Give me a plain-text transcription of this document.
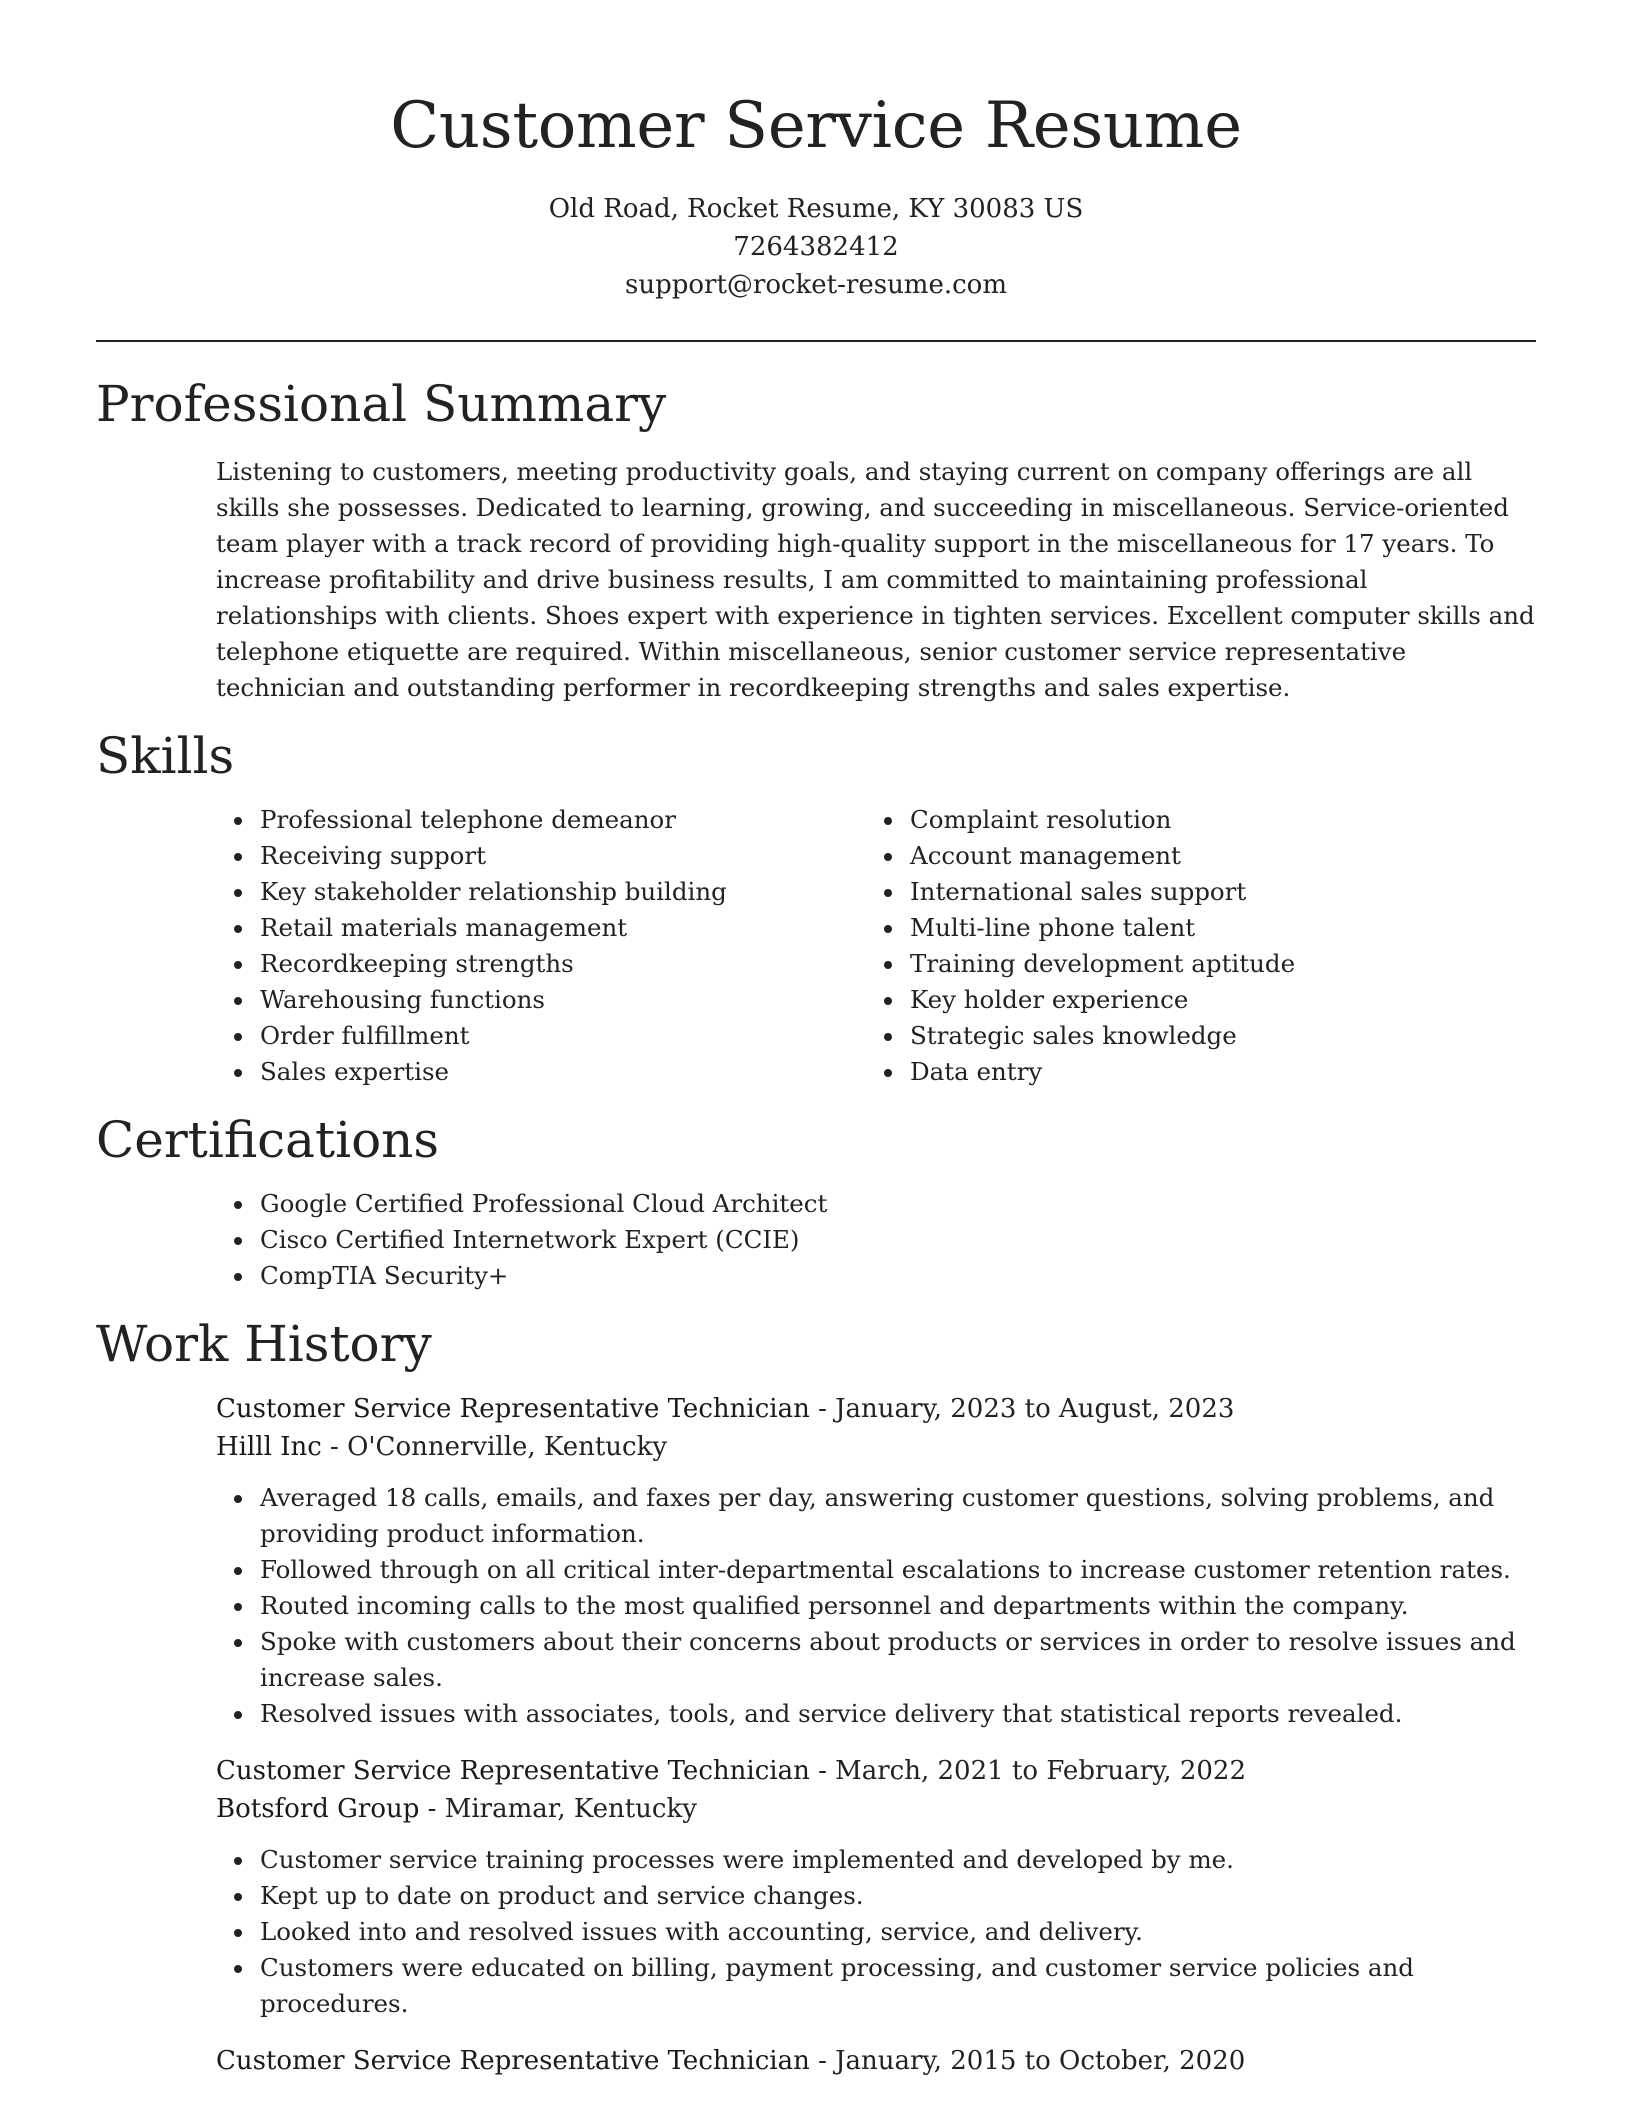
Customer Service Resume
Old Road, Rocket Resume, KY 30083 US
7264382412
support@rocket-resume.com
Professional Summary
Listening to customers, meeting productivity goals, and staying current on company offerings are all skills she possesses. Dedicated to learning, growing, and succeeding in miscellaneous. Service-oriented team player with a track record of providing high-quality support in the miscellaneous for 17 years. To increase profitability and drive business results, I am committed to maintaining professional relationships with clients. Shoes expert with experience in tighten services. Excellent computer skills and telephone etiquette are required. Within miscellaneous, senior customer service representative technician and outstanding performer in recordkeeping strengths and sales expertise.
Skills
Professional telephone demeanor
Receiving support
Key stakeholder relationship building
Retail materials management
Recordkeeping strengths
Warehousing functions
Order fulfillment
Sales expertise
Complaint resolution
Account management
International sales support
Multi-line phone talent
Training development aptitude
Key holder experience
Strategic sales knowledge
Data entry
Certifications
Google Certified Professional Cloud Architect
Cisco Certified Internetwork Expert (CCIE)
CompTIA Security+
Work History
Customer Service Representative Technician - January, 2023 to August, 2023
Hilll Inc - O'Connerville, Kentucky
Averaged 18 calls, emails, and faxes per day, answering customer questions, solving problems, and providing product information.
Followed through on all critical inter-departmental escalations to increase customer retention rates.
Routed incoming calls to the most qualified personnel and departments within the company.
Spoke with customers about their concerns about products or services in order to resolve issues and increase sales.
Resolved issues with associates, tools, and service delivery that statistical reports revealed.
Customer Service Representative Technician - March, 2021 to February, 2022
Botsford Group - Miramar, Kentucky
Customer service training processes were implemented and developed by me.
Kept up to date on product and service changes.
Looked into and resolved issues with accounting, service, and delivery.
Customers were educated on billing, payment processing, and customer service policies and procedures.
Customer Service Representative Technician - January, 2015 to October, 2020
